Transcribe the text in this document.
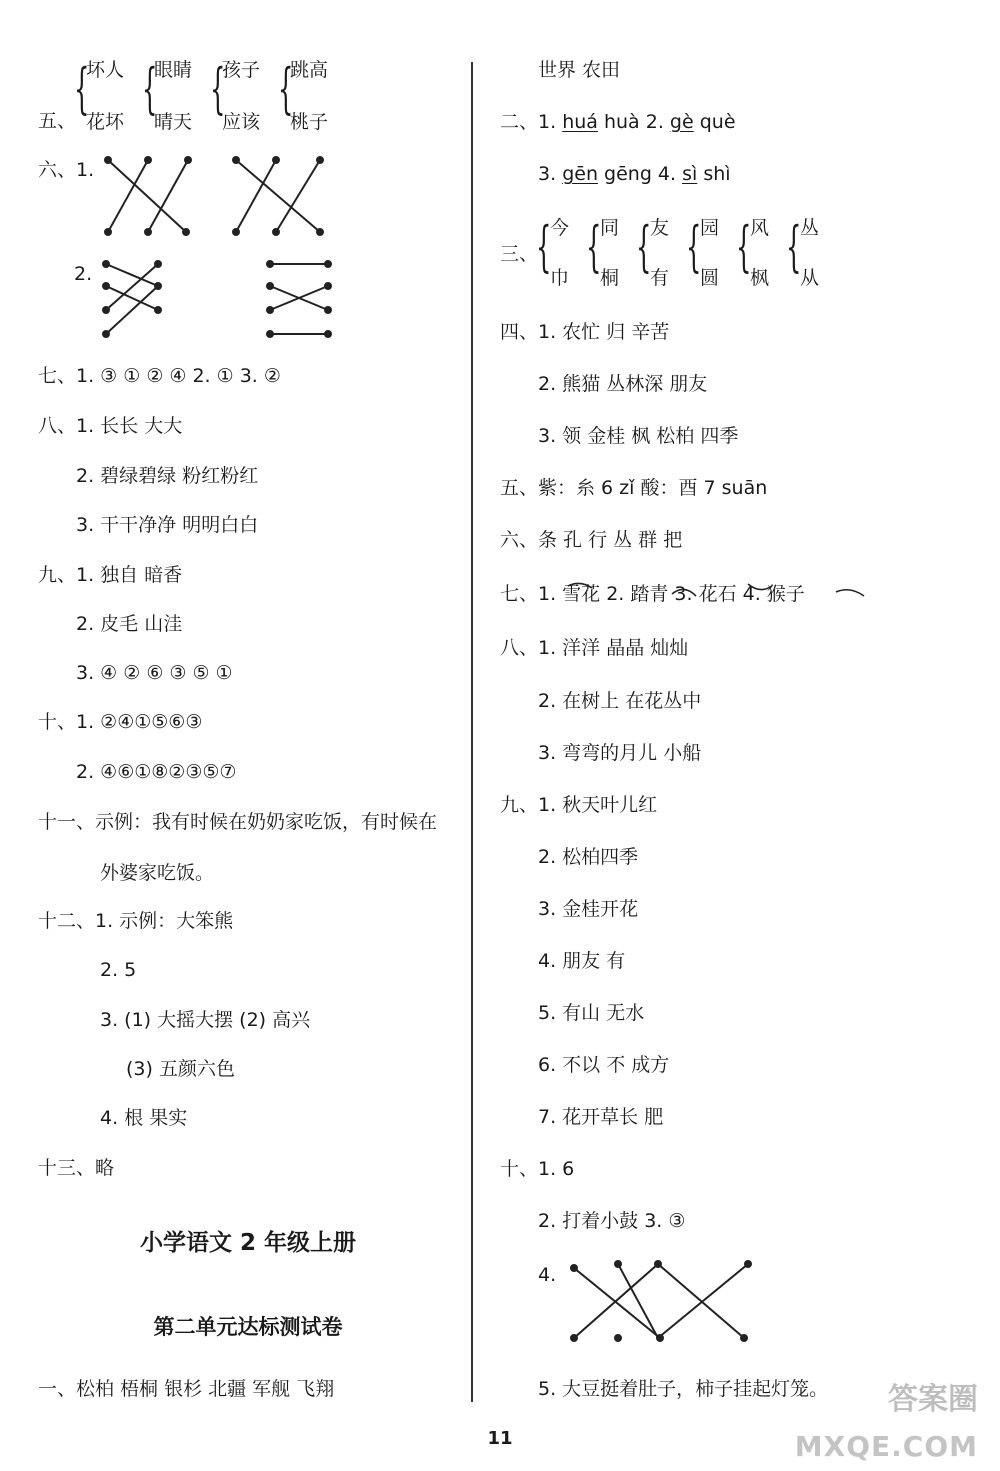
五、
{
坏人
花坏
{
眼睛
晴天
{
孩子
应该
{
跳高
桃子
六、1.
2.
七、1. ③ ① ② ④ 2. ① 3. ②
八、1. 长长 大大
2. 碧绿碧绿 粉红粉红
3. 干干净净 明明白白
九、1. 独自 暗香
2. 皮毛 山洼
3. ④ ② ⑥ ③ ⑤ ①
十、1. ②④①⑤⑥③
2. ④⑥①⑧②③⑤⑦
十一、示例：我有时候在奶奶家吃饭，有时候在
外婆家吃饭。
十二、1. 示例：大笨熊
2. 5
3. (1) 大摇大摆 (2) 高兴
(3) 五颜六色
4. 根 果实
十三、略
小学语文 2 年级上册
第二单元达标测试卷
一、松柏 梧桐 银杉 北疆 军舰 飞翔
世界 农田
二、1. huá huà 2. gè què
3. gēn gēng 4. sì shì
三、
{
今
巾 {
同
桐 {
友
有 {
园
圆 {
风
枫 {
丛
从
四、1. 农忙 归 辛苦
2. 熊猫 丛林深 朋友
3. 领 金桂 枫 松柏 四季
五、紫：糸 6 zǐ 酸：酉 7 suān
六、条 孔 行 丛 群 把
七、1. 雪花 2. 踏青 3. 花石 4. 猴子
八、1. 洋洋 晶晶 灿灿
2. 在树上 在花丛中
3. 弯弯的月儿 小船
九、1. 秋天叶儿红
2. 松柏四季
3. 金桂开花
4. 朋友 有
5. 有山 无水
6. 不以 不 成方
7. 花开草长 肥
十、1. 6
2. 打着小鼓 3. ③
4.
5. 大豆挺着肚子，柿子挂起灯笼。
11
答案圈
MXQE.COM
